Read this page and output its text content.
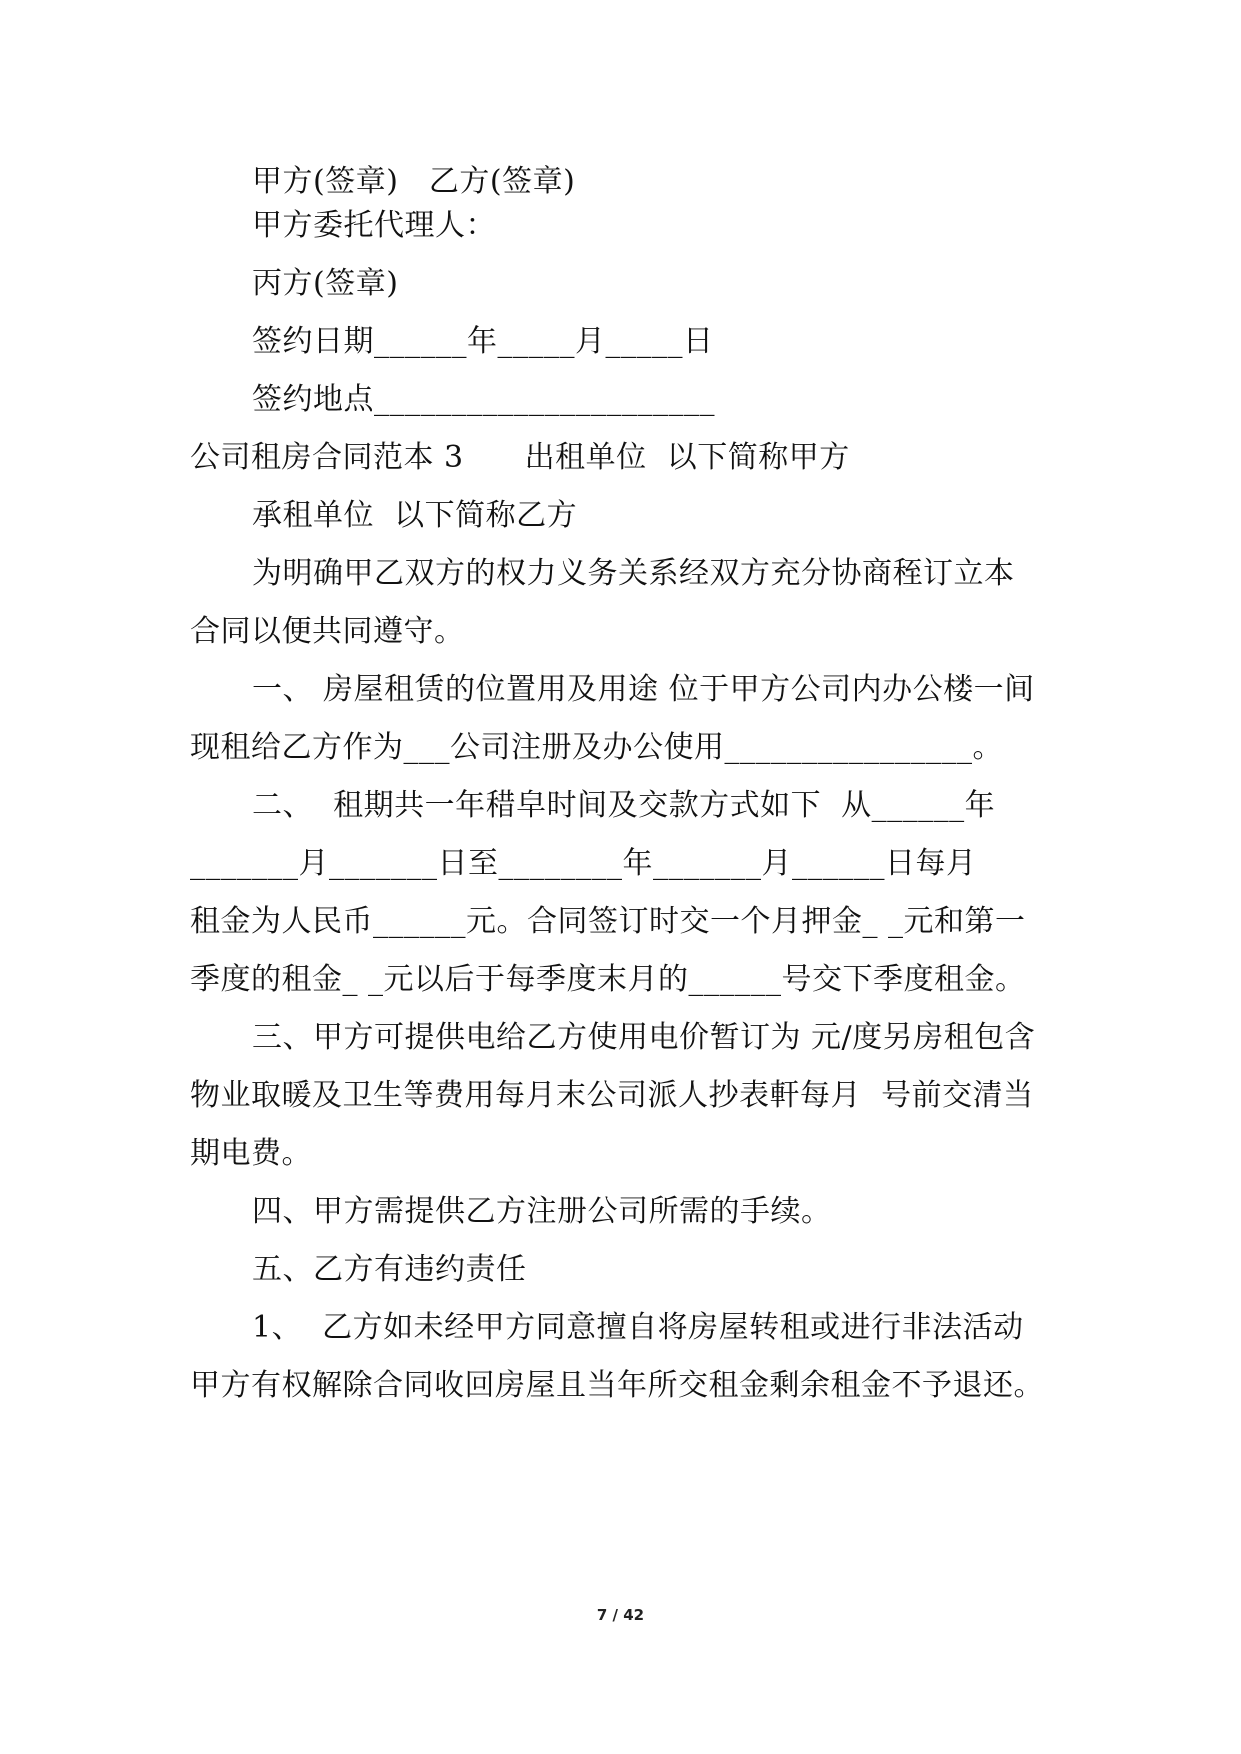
甲方(签章)　乙方(签章)
甲方委托代理人：
丙方(签章)
签约日期______年_____月_____日
签约地点______________________
公司租房合同范本 3　　出租单位  以下简称甲方
承租单位  以下简称乙方
为明确甲乙双方的权力义务关系经双方充分协商秷订立本
合同以便共同遵守。
一、 房屋租赁的位置用及用途 位于甲方公司内办公楼一间
现租给乙方作为___公司注册及办公使用________________。
二、  租期共一年稓皁时间及交款方式如下  从______年
_______月_______日至________年_______月______日每月
租金为人民币______元。合同签订时交一个月押金_ _元和第一
季度的租金_ _元以后于每季度末月的______号交下季度租金。
三、甲方可提供电给乙方使用电价暂订为 元/度另房租包含
物业取暖及卫生等费用每月末公司派人抄表軒每月  号前交清当
期电费。
四、甲方需提供乙方注册公司所需的手续。
五、乙方有违约责任
1、  乙方如未经甲方同意擅自将房屋转租或进行非法活动
甲方有权解除合同收回房屋且当年所交租金剩余租金不予退还。
7 / 42
